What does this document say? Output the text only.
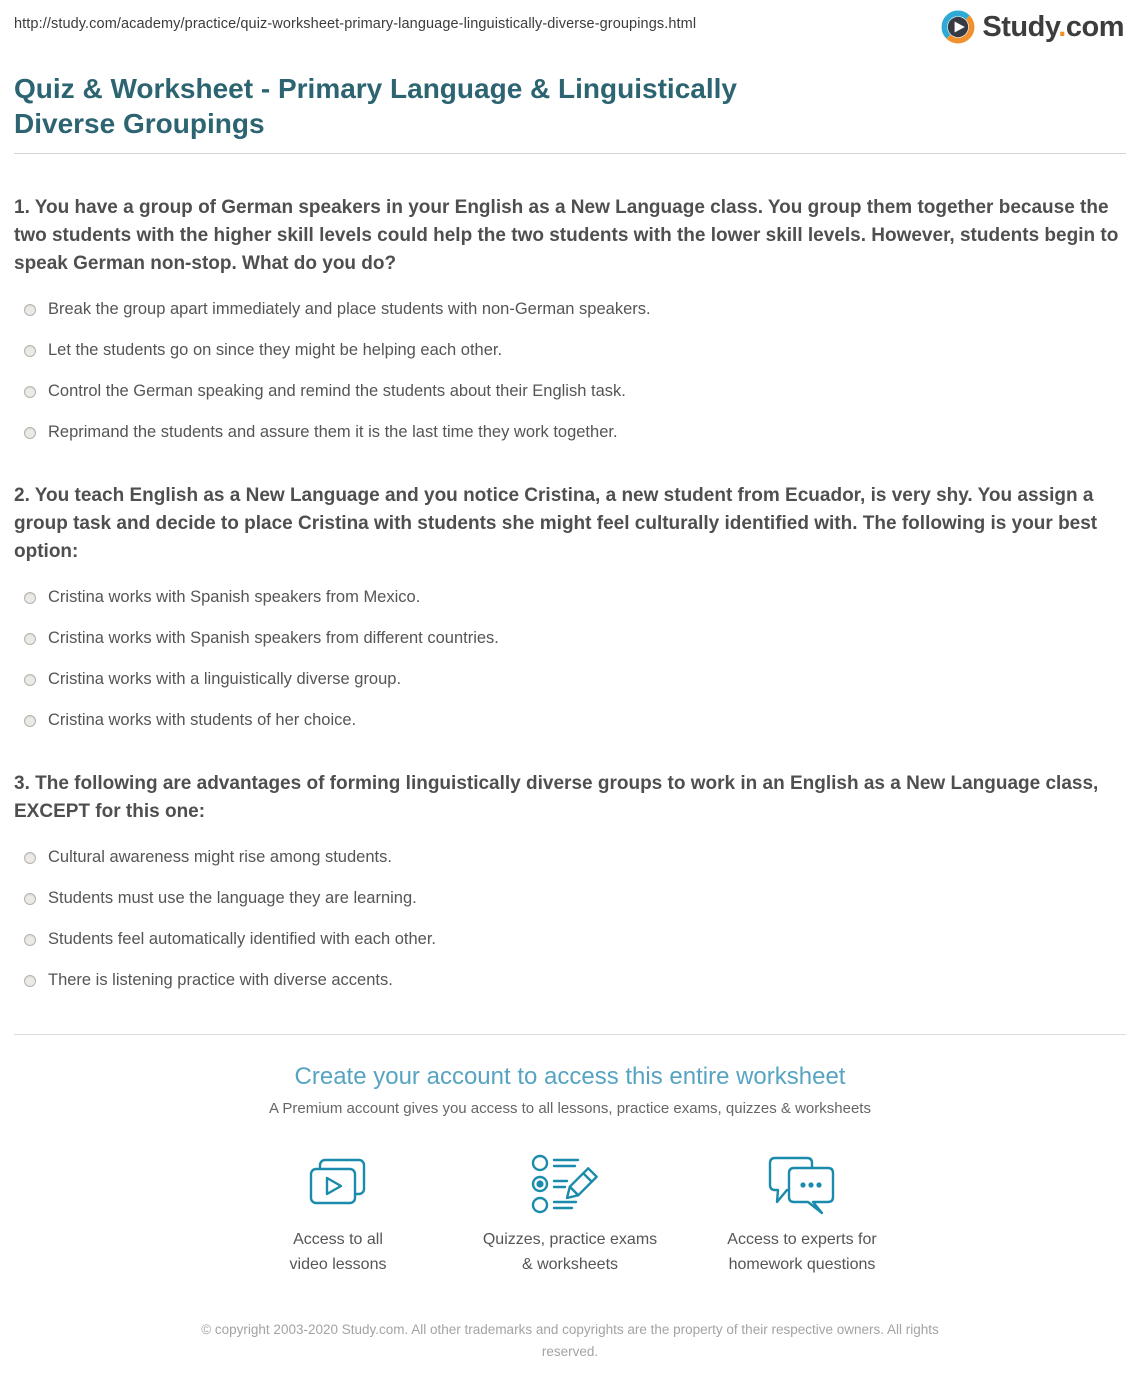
http://study.com/academy/practice/quiz-worksheet-primary-language-linguistically-diverse-groupings.html	Study.com
Quiz & Worksheet - Primary Language & Linguistically Diverse Groupings
1. You have a group of German speakers in your English as a New Language class. You group them together because the two students with the higher skill levels could help the two students with the lower skill levels. However, students begin to speak German non-stop. What do you do?
Break the group apart immediately and place students with non-German speakers.
Let the students go on since they might be helping each other.
Control the German speaking and remind the students about their English task.
Reprimand the students and assure them it is the last time they work together.
2. You teach English as a New Language and you notice Cristina, a new student from Ecuador, is very shy. You assign a group task and decide to place Cristina with students she might feel culturally identified with. The following is your best option:
Cristina works with Spanish speakers from Mexico.
Cristina works with Spanish speakers from different countries.
Cristina works with a linguistically diverse group.
Cristina works with students of her choice.
3. The following are advantages of forming linguistically diverse groups to work in an English as a New Language class, EXCEPT for this one:
Cultural awareness might rise among students.
Students must use the language they are learning.
Students feel automatically identified with each other.
There is listening practice with diverse accents.
Create your account to access this entire worksheet
A Premium account gives you access to all lessons, practice exams, quizzes & worksheets
Access to all
video lessons
Quizzes, practice exams
& worksheets
Access to experts for
homework questions
© copyright 2003-2020 Study.com. All other trademarks and copyrights are the property of their respective owners. All rights reserved.
